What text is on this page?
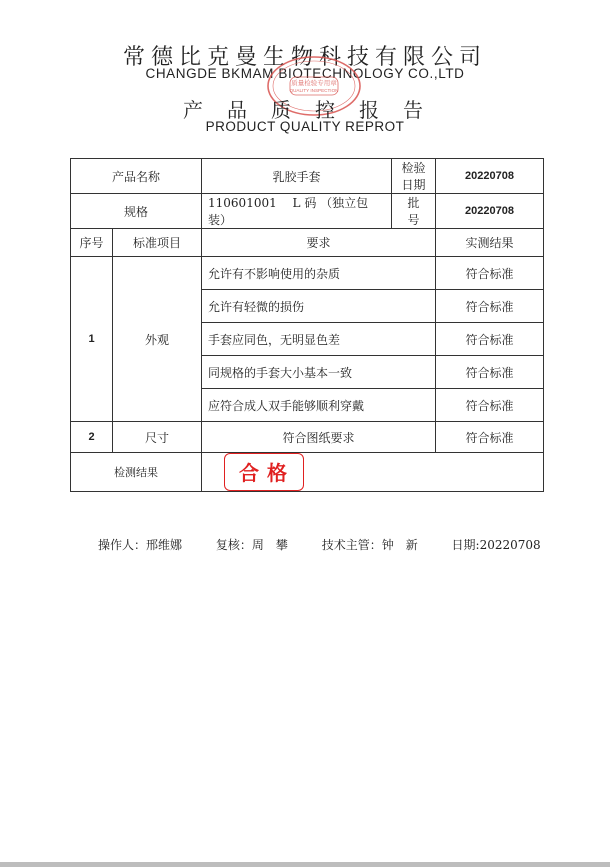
常德比克曼生物科技有限公司
CHANGDE BKMAM BIOTECHNOLOGY CO.,LTD
质量检验专用章
QUALITY INSPECTION
产品质控报告
PRODUCT QUALITY REPROT
产品名称		乳胶手套	检验日期	20220708
规格		110601001　 L 码 （独立包装）	批　　号	20220708
序号	标准项目	要求		实测结果
1	外观	允许有不影响使用的杂质		符合标准
		允许有轻微的损伤		符合标准
		手套应同色，无明显色差		符合标准
		同规格的手套大小基本一致		符合标准
		应符合成人双手能够顺利穿戴		符合标准
2	尺寸	符合图纸要求		符合标准
检测结果		合格		
操作人：邢维娜	复核：周　攀	技术主管：钟　新	日期:20220708
